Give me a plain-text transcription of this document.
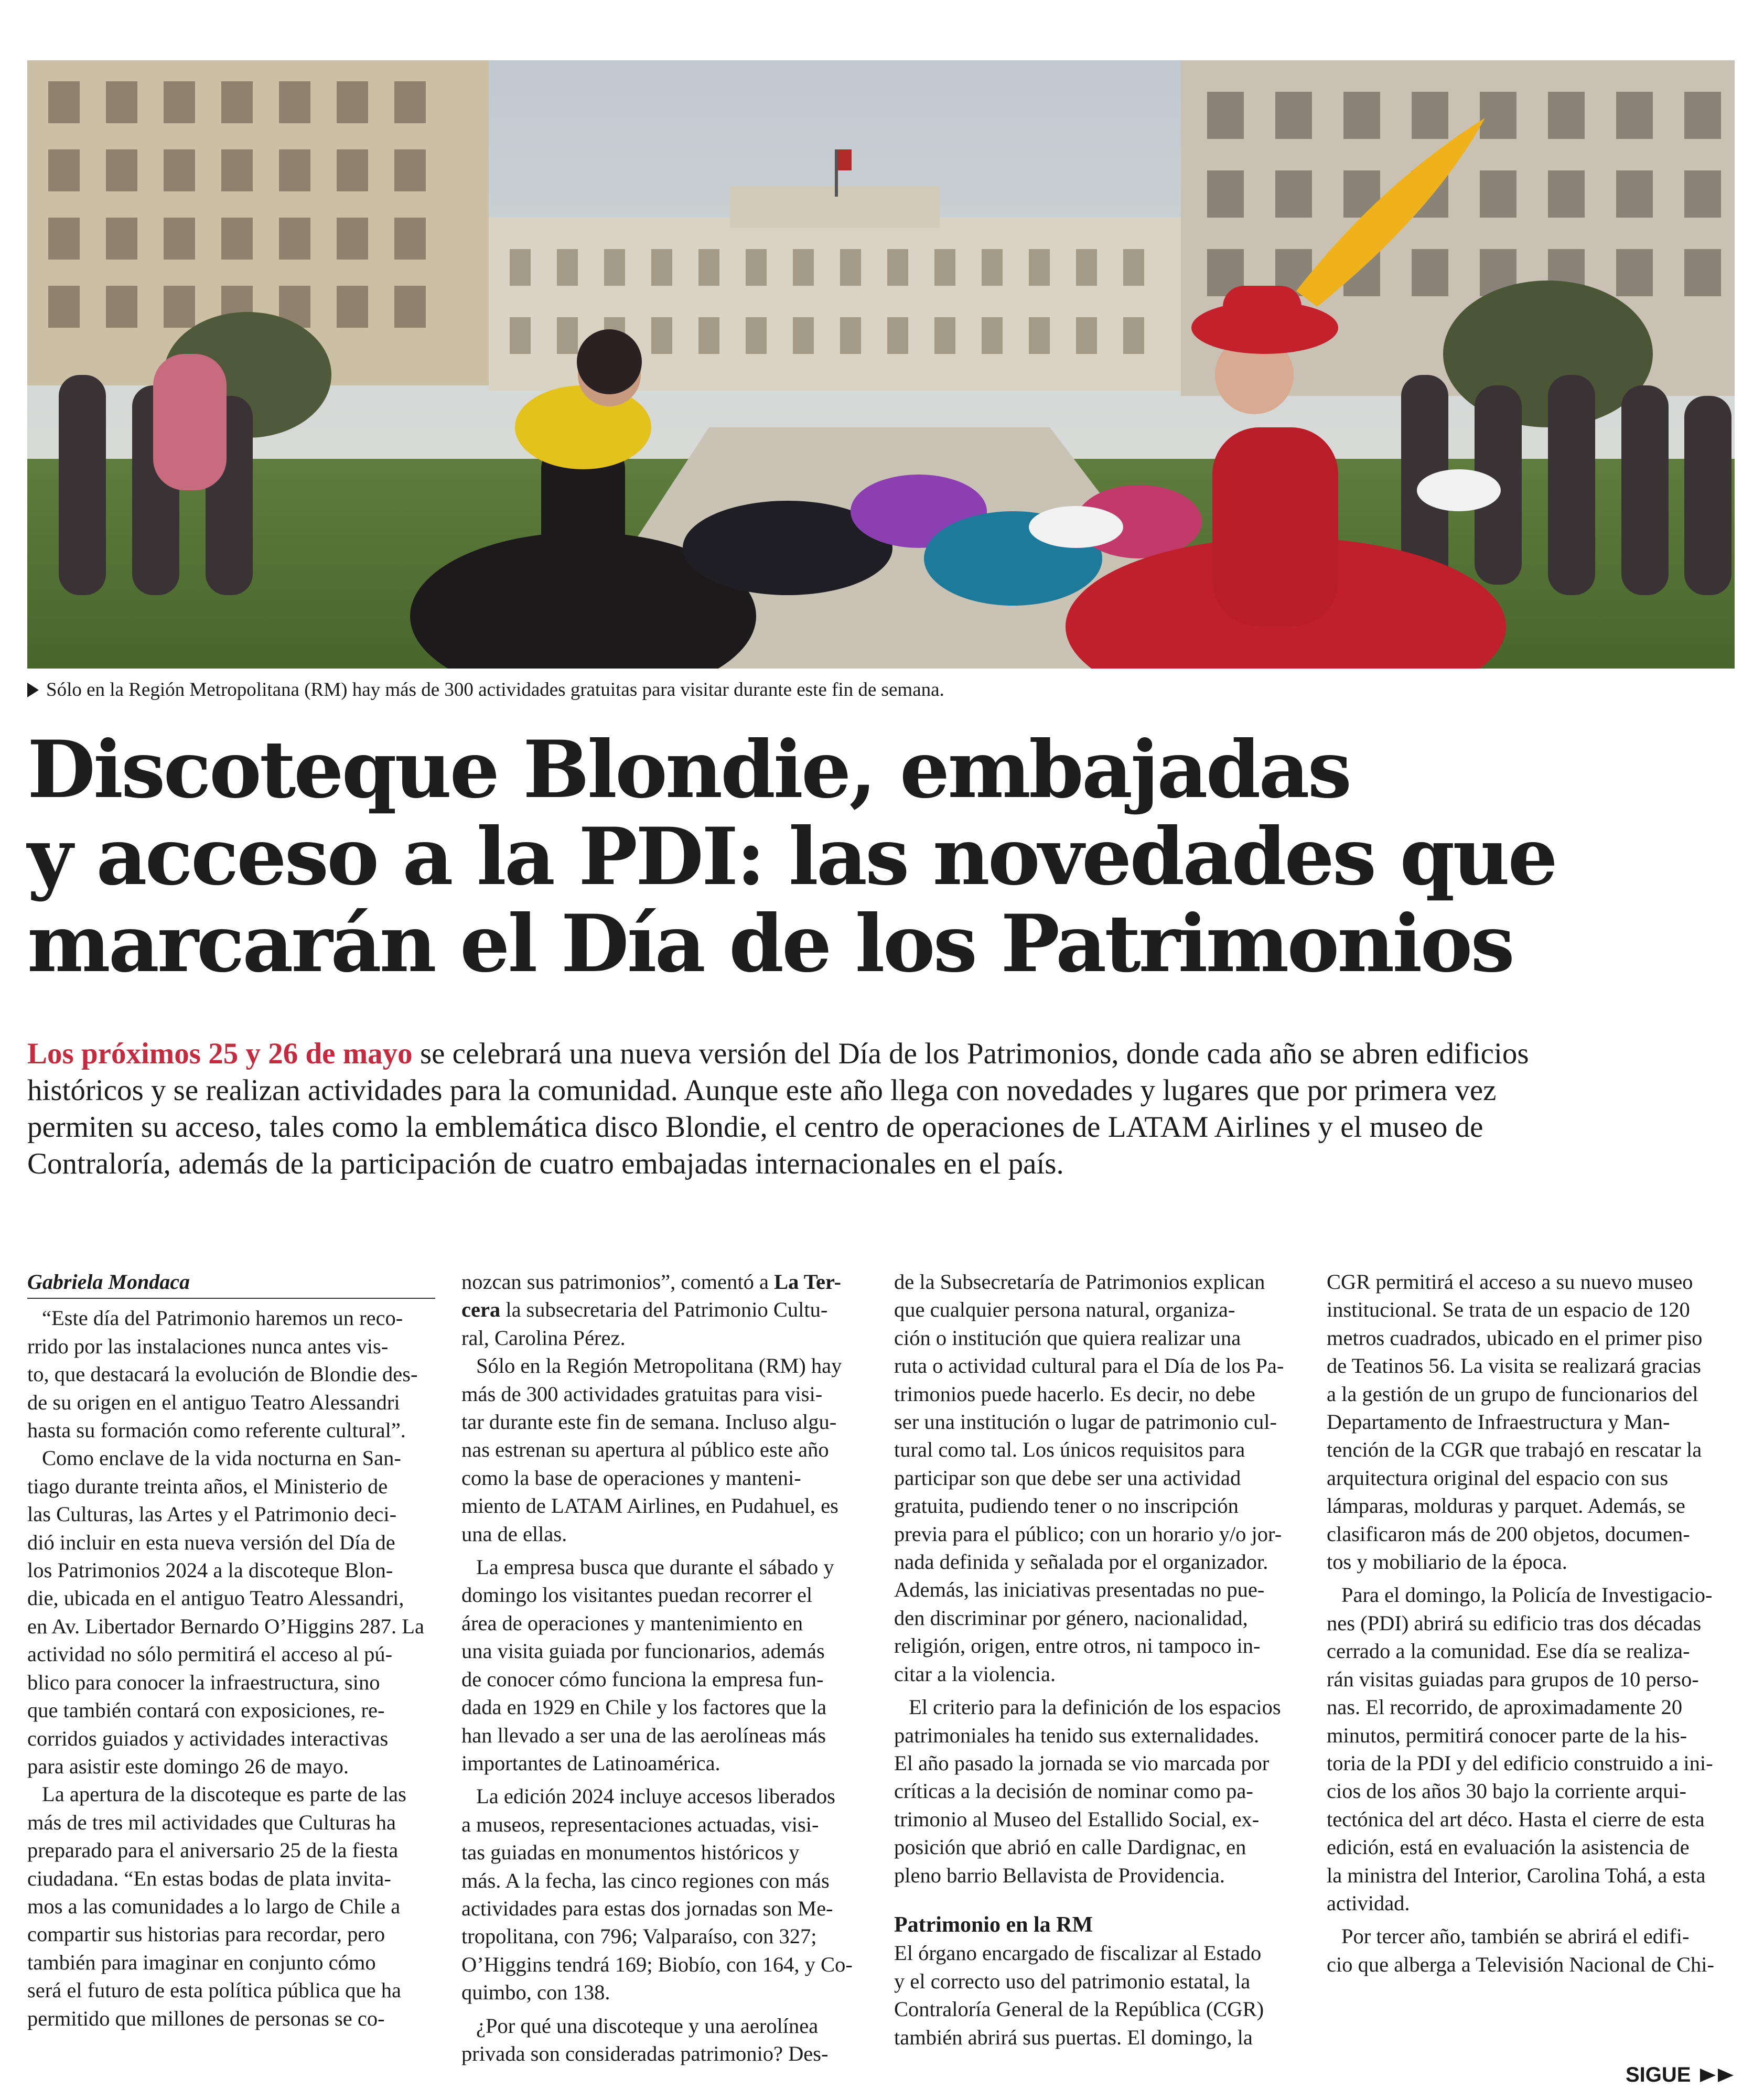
Sólo en la Región Metropolitana (RM) hay más de 300 actividades gratuitas para visitar durante este fin de semana.
Discoteque Blondie, embajadas
y acceso a la PDI: las novedades que
marcarán el Día de los Patrimonios
Los próximos 25 y 26 de mayo se celebrará una nueva versión del Día de los Patrimonios, donde cada año se abren edificios
históricos y se realizan actividades para la comunidad. Aunque este año llega con novedades y lugares que por primera vez
permiten su acceso, tales como la emblemática disco Blondie, el centro de operaciones de LATAM Airlines y el museo de
Contraloría, además de la participación de cuatro embajadas internacionales en el país.
Gabriela Mondaca
“Este día del Patrimonio haremos un reco-
rrido por las instalaciones nunca antes vis-
to, que destacará la evolución de Blondie des-
de su origen en el antiguo Teatro Alessandri
hasta su formación como referente cultural”.
Como enclave de la vida nocturna en San-
tiago durante treinta años, el Ministerio de
las Culturas, las Artes y el Patrimonio deci-
dió incluir en esta nueva versión del Día de
los Patrimonios 2024 a la discoteque Blon-
die, ubicada en el antiguo Teatro Alessandri,
en Av. Libertador Bernardo O’Higgins 287. La
actividad no sólo permitirá el acceso al pú-
blico para conocer la infraestructura, sino
que también contará con exposiciones, re-
corridos guiados y actividades interactivas
para asistir este domingo 26 de mayo.
La apertura de la discoteque es parte de las
más de tres mil actividades que Culturas ha
preparado para el aniversario 25 de la fiesta
ciudadana. “En estas bodas de plata invita-
mos a las comunidades a lo largo de Chile a
compartir sus historias para recordar, pero
también para imaginar en conjunto cómo
será el futuro de esta política pública que ha
permitido que millones de personas se co-
nozcan sus patrimonios”, comentó a La Ter-
cera la subsecretaria del Patrimonio Cultu-
ral, Carolina Pérez.
Sólo en la Región Metropolitana (RM) hay
más de 300 actividades gratuitas para visi-
tar durante este fin de semana. Incluso algu-
nas estrenan su apertura al público este año
como la base de operaciones y manteni-
miento de LATAM Airlines, en Pudahuel, es
una de ellas.
La empresa busca que durante el sábado y
domingo los visitantes puedan recorrer el
área de operaciones y mantenimiento en
una visita guiada por funcionarios, además
de conocer cómo funciona la empresa fun-
dada en 1929 en Chile y los factores que la
han llevado a ser una de las aerolíneas más
importantes de Latinoamérica.
La edición 2024 incluye accesos liberados
a museos, representaciones actuadas, visi-
tas guiadas en monumentos históricos y
más. A la fecha, las cinco regiones con más
actividades para estas dos jornadas son Me-
tropolitana, con 796; Valparaíso, con 327;
O’Higgins tendrá 169; Biobío, con 164, y Co-
quimbo, con 138.
¿Por qué una discoteque y una aerolínea
privada son consideradas patrimonio? Des-
de la Subsecretaría de Patrimonios explican
que cualquier persona natural, organiza-
ción o institución que quiera realizar una
ruta o actividad cultural para el Día de los Pa-
trimonios puede hacerlo. Es decir, no debe
ser una institución o lugar de patrimonio cul-
tural como tal. Los únicos requisitos para
participar son que debe ser una actividad
gratuita, pudiendo tener o no inscripción
previa para el público; con un horario y/o jor-
nada definida y señalada por el organizador.
Además, las iniciativas presentadas no pue-
den discriminar por género, nacionalidad,
religión, origen, entre otros, ni tampoco in-
citar a la violencia.
El criterio para la definición de los espacios
patrimoniales ha tenido sus externalidades.
El año pasado la jornada se vio marcada por
críticas a la decisión de nominar como pa-
trimonio al Museo del Estallido Social, ex-
posición que abrió en calle Dardignac, en
pleno barrio Bellavista de Providencia.
Patrimonio en la RM
El órgano encargado de fiscalizar al Estado
y el correcto uso del patrimonio estatal, la
Contraloría General de la República (CGR)
también abrirá sus puertas. El domingo, la
CGR permitirá el acceso a su nuevo museo
institucional. Se trata de un espacio de 120
metros cuadrados, ubicado en el primer piso
de Teatinos 56. La visita se realizará gracias
a la gestión de un grupo de funcionarios del
Departamento de Infraestructura y Man-
tención de la CGR que trabajó en rescatar la
arquitectura original del espacio con sus
lámparas, molduras y parquet. Además, se
clasificaron más de 200 objetos, documen-
tos y mobiliario de la época.
Para el domingo, la Policía de Investigacio-
nes (PDI) abrirá su edificio tras dos décadas
cerrado a la comunidad. Ese día se realiza-
rán visitas guiadas para grupos de 10 perso-
nas. El recorrido, de aproximadamente 20
minutos, permitirá conocer parte de la his-
toria de la PDI y del edificio construido a ini-
cios de los años 30 bajo la corriente arqui-
tectónica del art déco. Hasta el cierre de esta
edición, está en evaluación la asistencia de
la ministra del Interior, Carolina Tohá, a esta
actividad.
Por tercer año, también se abrirá el edifi-
cio que alberga a Televisión Nacional de Chi-
SIGUE
